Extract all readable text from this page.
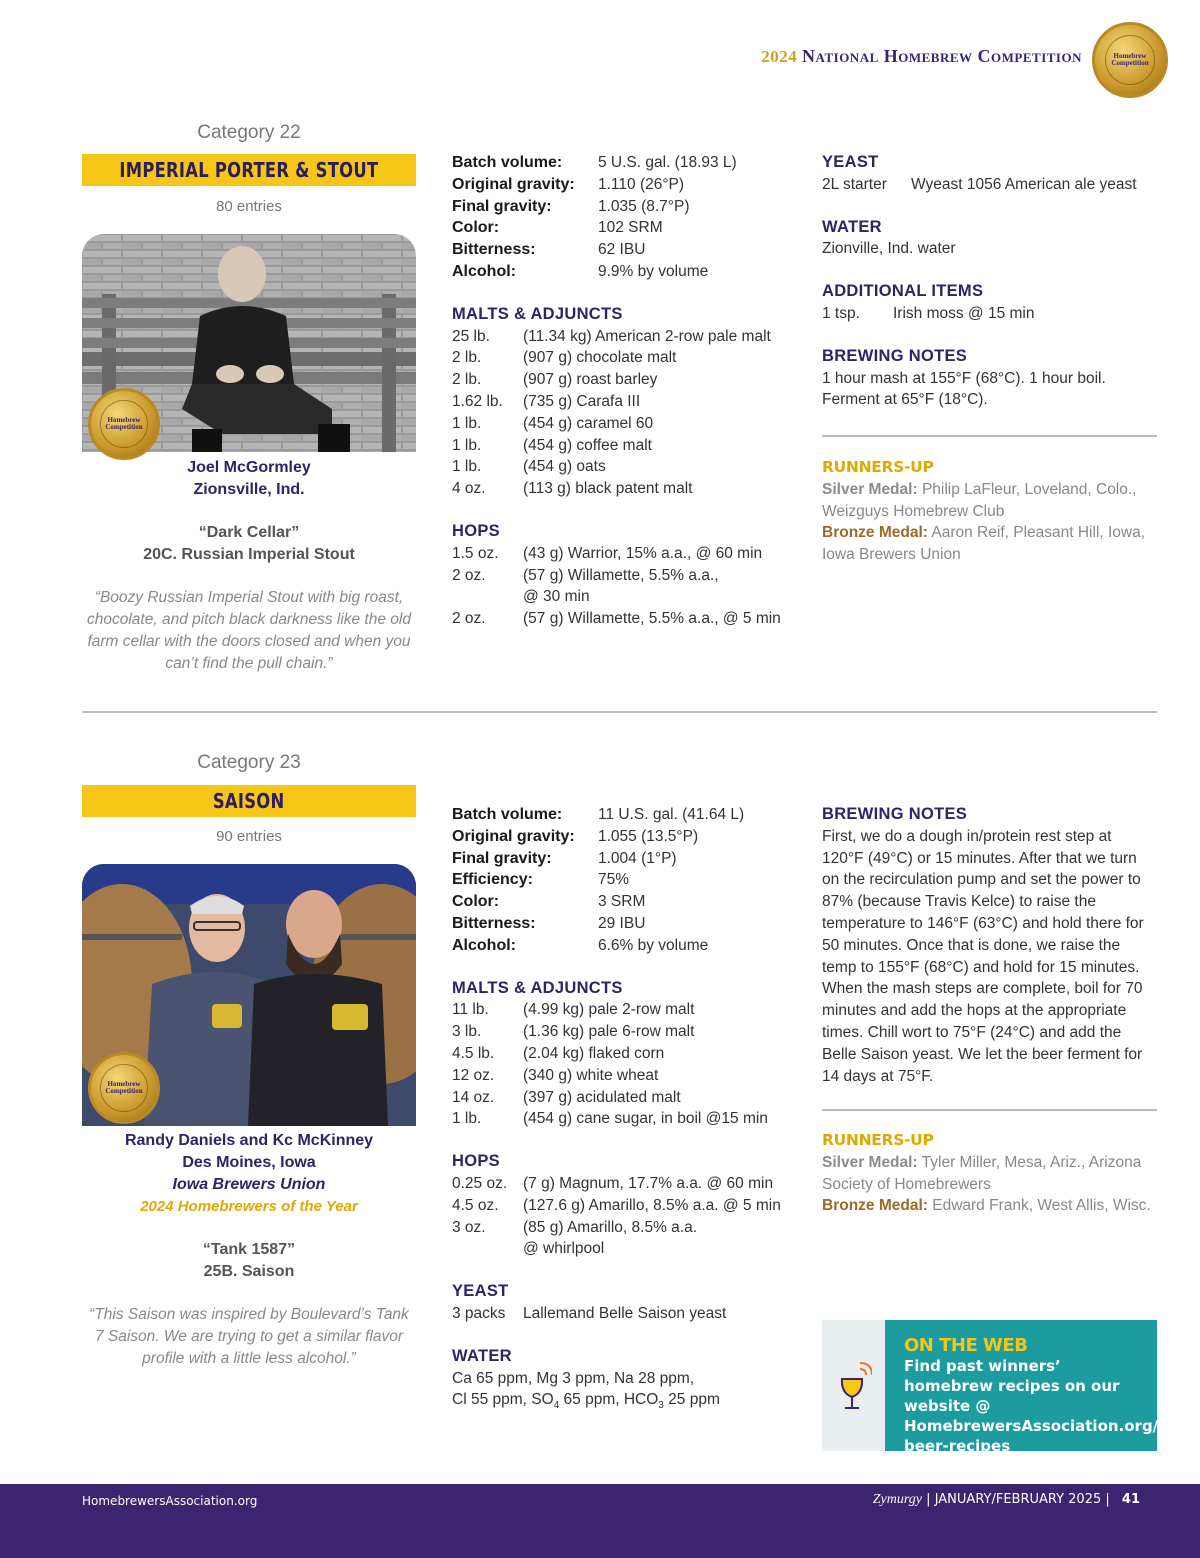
2024 National Homebrew Competition	Homebrew
Competition
Category 22
IMPERIAL PORTER & STOUT
80 entries
Homebrew
Competition
Joel McGormley
Zionsville, Ind.
“Dark Cellar”
20C. Russian Imperial Stout
“Boozy Russian Imperial Stout with big roast, chocolate, and pitch black darkness like the old farm cellar with the doors closed and when you can’t find the pull chain.”
Batch volume:	5 U.S. gal. (18.93 L)
Original gravity:	1.110 (26°P)
Final gravity:	1.035 (8.7°P)
Color:	102 SRM
Bitterness:	62 IBU
Alcohol:	9.9% by volume
MALTS & ADJUNCTS
25 lb.	(11.34 kg) American 2-row pale malt
2 lb.	(907 g) chocolate malt
2 lb.	(907 g) roast barley
1.62 lb.	(735 g) Carafa III
1 lb.	(454 g) caramel 60
1 lb.	(454 g) coffee malt
1 lb.	(454 g) oats
4 oz.	(113 g) black patent malt
HOPS
1.5 oz.	(43 g) Warrior, 15% a.a., @ 60 min
2 oz.	(57 g) Willamette, 5.5% a.a., @ 30 min
2 oz.	(57 g) Willamette, 5.5% a.a., @ 5 min
YEAST
2L starter	Wyeast 1056 American ale yeast
WATER
Zionville, Ind. water
ADDITIONAL ITEMS
1 tsp.	Irish moss @ 15 min
BREWING NOTES
1 hour mash at 155°F (68°C). 1 hour boil. Ferment at 65°F (18°C).
RUNNERS-UP
Silver Medal: Philip LaFleur, Loveland, Colo., Weizguys Homebrew Club
Bronze Medal: Aaron Reif, Pleasant Hill, Iowa, Iowa Brewers Union
Category 23
SAISON
90 entries
Homebrew
Competition
Randy Daniels and Kc McKinney
Des Moines, Iowa
Iowa Brewers Union
2024 Homebrewers of the Year
“Tank 1587”
25B. Saison
“This Saison was inspired by Boulevard’s Tank 7 Saison. We are trying to get a similar flavor profile with a little less alcohol.”
Batch volume:	11 U.S. gal. (41.64 L)
Original gravity:	1.055 (13.5°P)
Final gravity:	1.004 (1°P)
Efficiency:	75%
Color:	3 SRM
Bitterness:	29 IBU
Alcohol:	6.6% by volume
MALTS & ADJUNCTS
11 lb.	(4.99 kg) pale 2-row malt
3 lb.	(1.36 kg) pale 6-row malt
4.5 lb.	(2.04 kg) flaked corn
12 oz.	(340 g) white wheat
14 oz.	(397 g) acidulated malt
1 lb.	(454 g) cane sugar, in boil @15 min
HOPS
0.25 oz.	(7 g) Magnum, 17.7% a.a. @ 60 min
4.5 oz.	(127.6 g) Amarillo, 8.5% a.a. @ 5 min
3 oz.	(85 g) Amarillo, 8.5% a.a. @ whirlpool
YEAST
3 packs	Lallemand Belle Saison yeast
WATER
Ca 65 ppm, Mg 3 ppm, Na 28 ppm,
Cl 55 ppm, $SO_4$ 65 ppm, $HCO_3$ 25 ppm
BREWING NOTES
First, we do a dough in/protein rest step at 120°F (49°C) or 15 minutes. After that we turn on the recirculation pump and set the power to 87% (because Travis Kelce) to raise the temperature to 146°F (63°C) and hold there for 50 minutes. Once that is done, we raise the temp to 155°F (68°C) and hold for 15 minutes. When the mash steps are complete, boil for 70 minutes and add the hops at the appropriate times. Chill wort to 75°F (24°C) and add the Belle Saison yeast. We let the beer ferment for 14 days at 75°F.
RUNNERS-UP
Silver Medal: Tyler Miller, Mesa, Ariz., Arizona Society of Homebrewers
Bronze Medal: Edward Frank, West Allis, Wisc.
ON THE WEB
Find past winners’ homebrew recipes on our website @ HomebrewersAssociation.org/ beer-recipes
HomebrewersAssociation.org	Zymurgy | JANUARY/FEBRUARY 2025 | 41
